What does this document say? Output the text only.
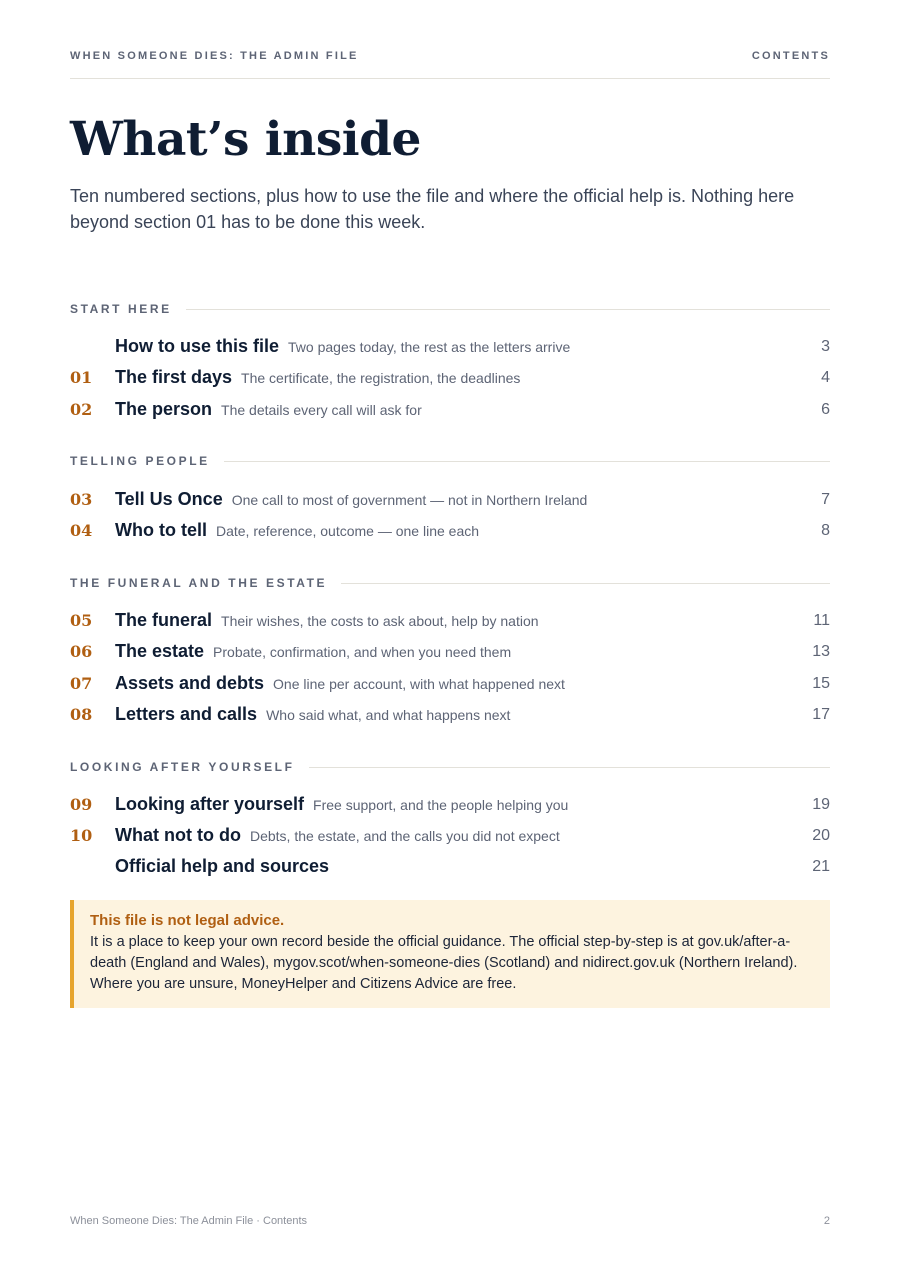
WHEN SOMEONE DIES: THE ADMIN FILE	CONTENTS
What’s inside

Ten numbered sections, plus how to use the file and where the official help is. Nothing here beyond section 01 has to be done this week.

START HERE
How to use this file Two pages today, the rest as the letters arrive	3
01 The first days The certificate, the registration, the deadlines	4
02 The person The details every call will ask for	6
TELLING PEOPLE
03 Tell Us Once One call to most of government — not in Northern Ireland	7
04 Who to tell Date, reference, outcome — one line each	8
THE FUNERAL AND THE ESTATE
05 The funeral Their wishes, the costs to ask about, help by nation	11
06 The estate Probate, confirmation, and when you need them	13
07 Assets and debts One line per account, with what happened next	15
08 Letters and calls Who said what, and what happens next	17
LOOKING AFTER YOURSELF
09 Looking after yourself Free support, and the people helping you	19
10 What not to do Debts, the estate, and the calls you did not expect	20
Official help and sources	21
This file is not legal advice.
It is a place to keep your own record beside the official guidance. The official step-by-step is at gov.uk/after-a-death (England and Wales), mygov.scot/when-someone-dies (Scotland) and nidirect.gov.uk (Northern Ireland). Where you are unsure, MoneyHelper and Citizens Advice are free.
When Someone Dies: The Admin File · Contents	2
